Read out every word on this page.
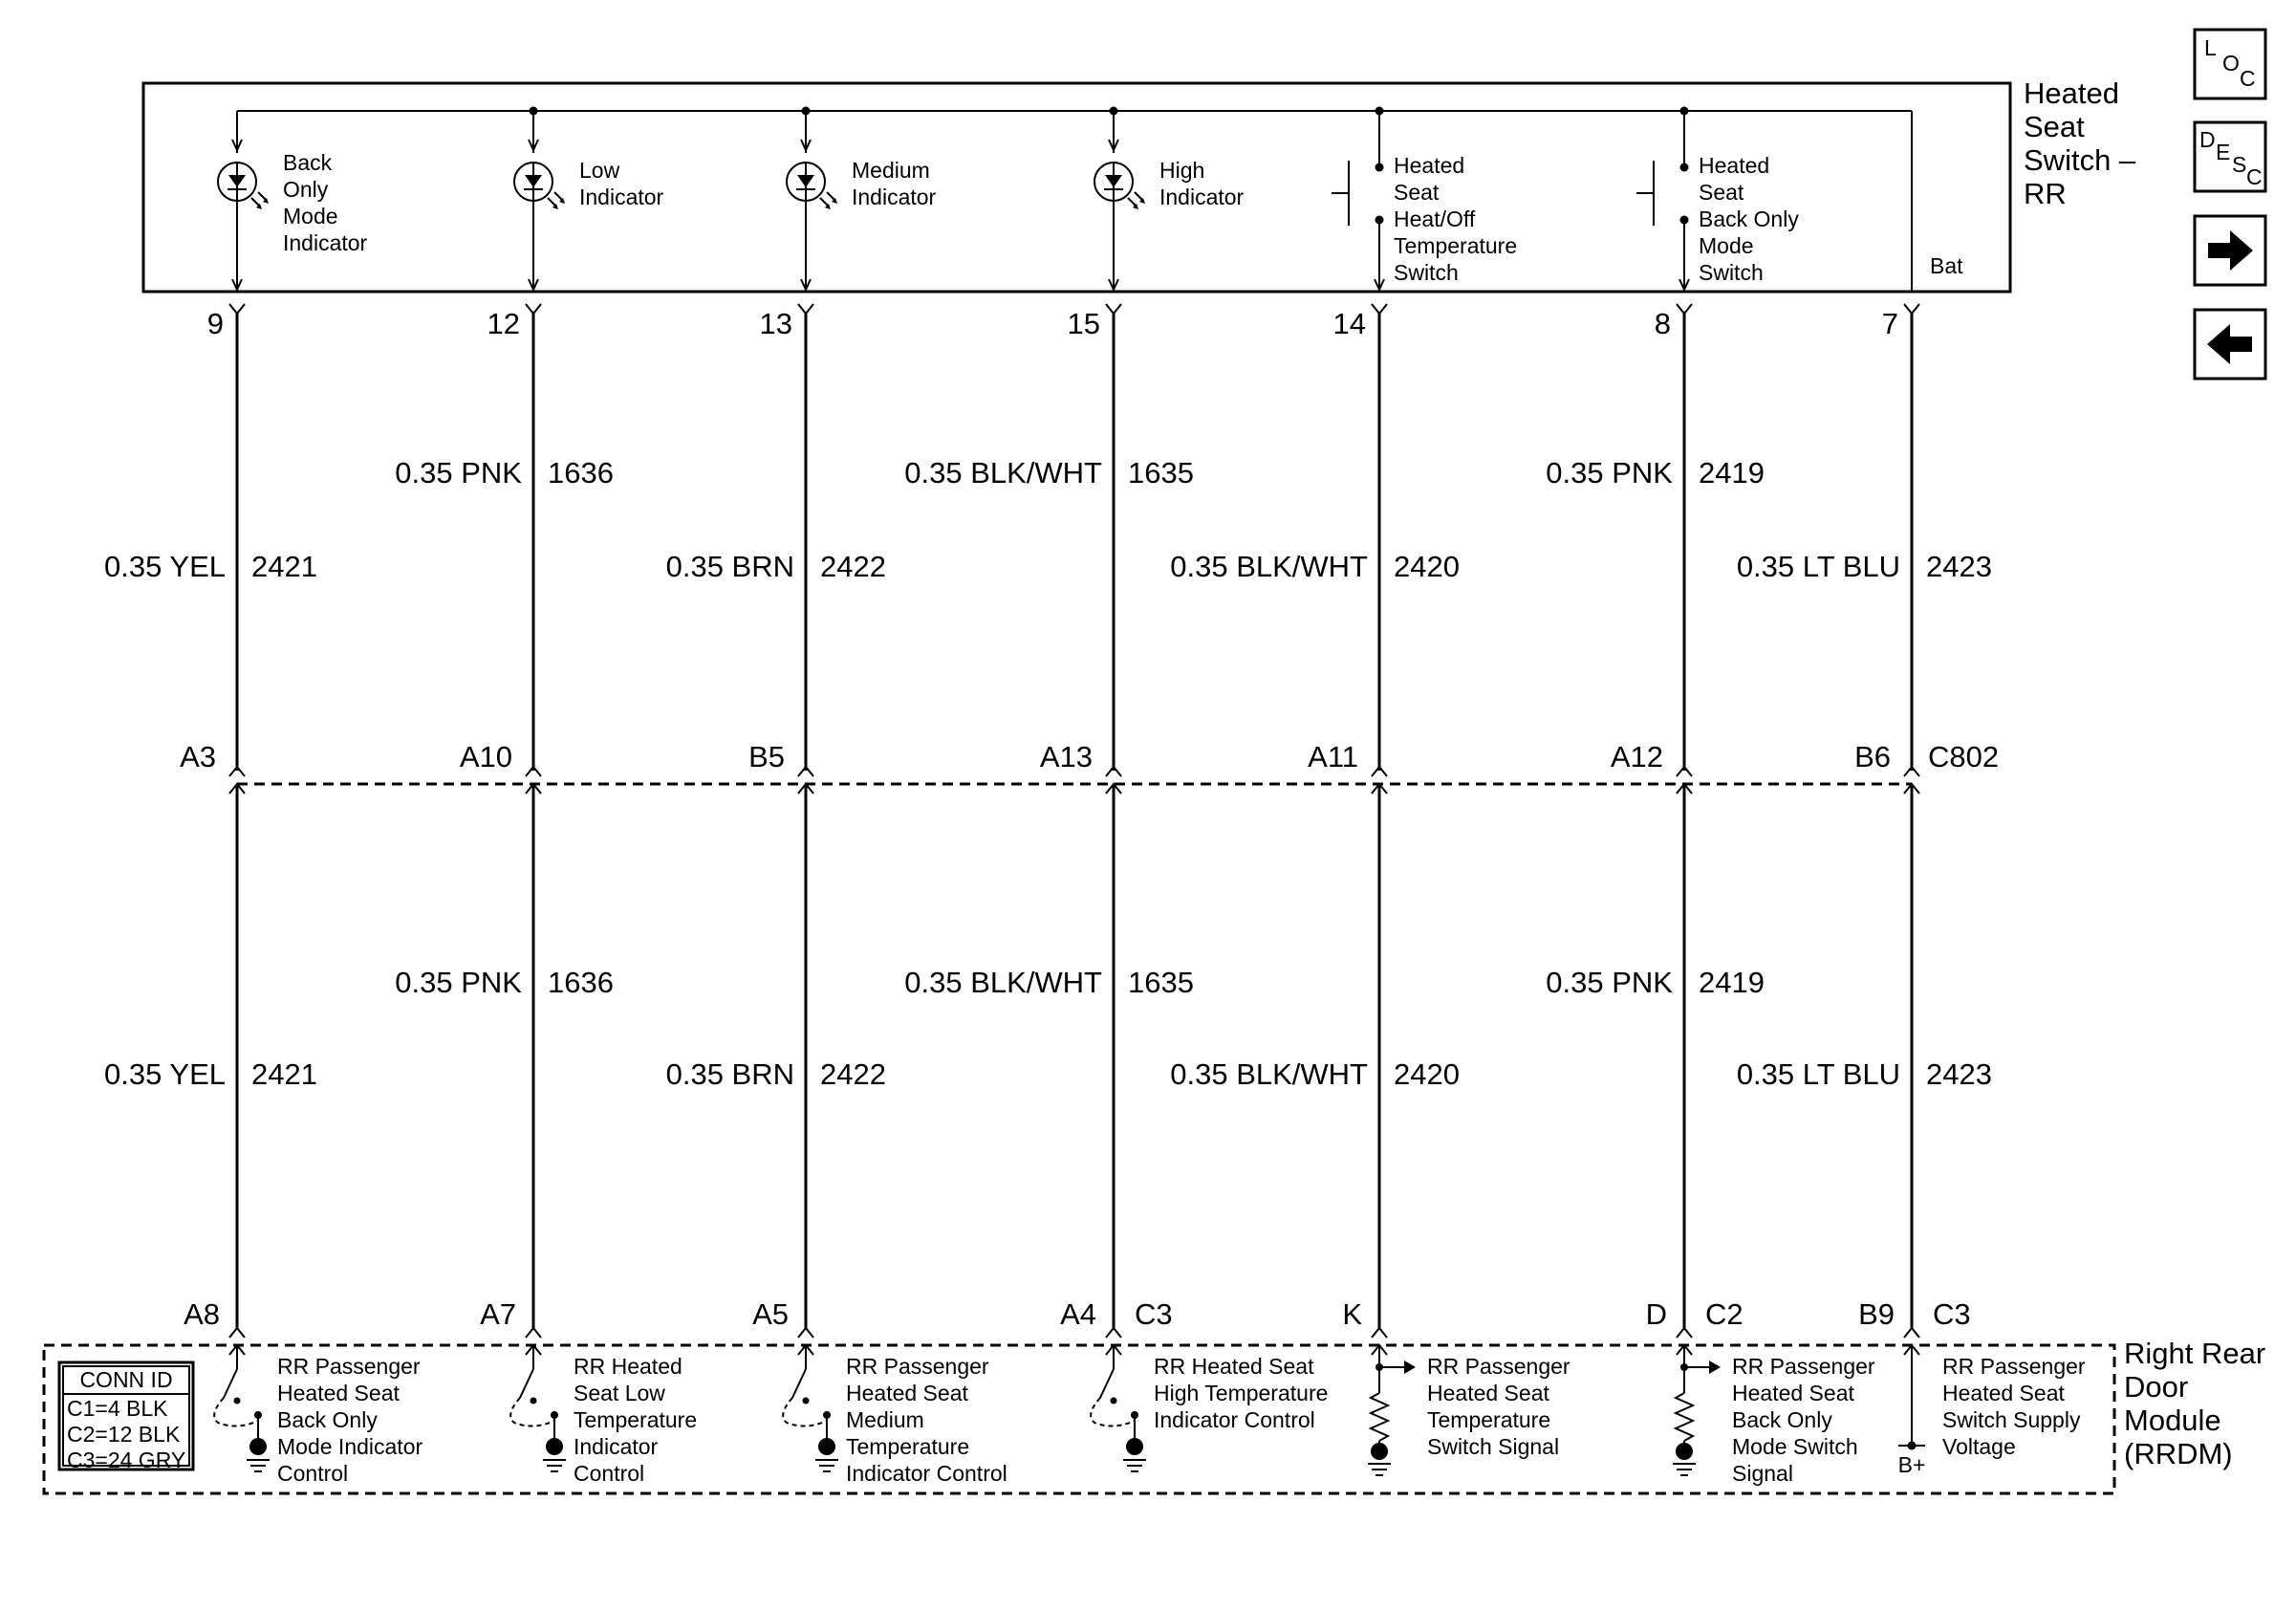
Heated
Seat
Switch –
RR
Bat
Back
Only
Mode
Indicator
Low
Indicator
Medium
Indicator
High
Indicator
Heated
Seat
Heat/Off
Temperature
Switch
Heated
Seat
Back Only
Mode
Switch
9
A3
A8
0.35 YEL 2421
0.35 YEL 2421
12
A10
A7
0.35 PNK 1636
0.35 PNK 1636
13
B5
A5
0.35 BRN 2422
0.35 BRN 2422
15
A13
A4 C3
0.35 BLK/WHT 1635
0.35 BLK/WHT 1635
14
A11
K
0.35 BLK/WHT 2420
0.35 BLK/WHT 2420
8
A12
D C2
0.35 PNK 2419
0.35 PNK 2419
7
B6
B9 C3
0.35 LT BLU 2423
0.35 LT BLU 2423
C802
Right Rear
Door
Module
(RRDM)
CONN ID
C1=4 BLK
C2=12 BLK
C3=24 GRY
RR Passenger
Heated Seat
Back Only
Mode Indicator
Control
RR Heated
Seat Low
Temperature
Indicator
Control
RR Passenger
Heated Seat
Medium
Temperature
Indicator Control
RR Heated Seat
High Temperature
Indicator Control
RR Passenger
Heated Seat
Temperature
Switch Signal
RR Passenger
Heated Seat
Back Only
Mode Switch
Signal	B+
RR Passenger
Heated Seat
Switch Supply
Voltage
L
O
C
D E S C
